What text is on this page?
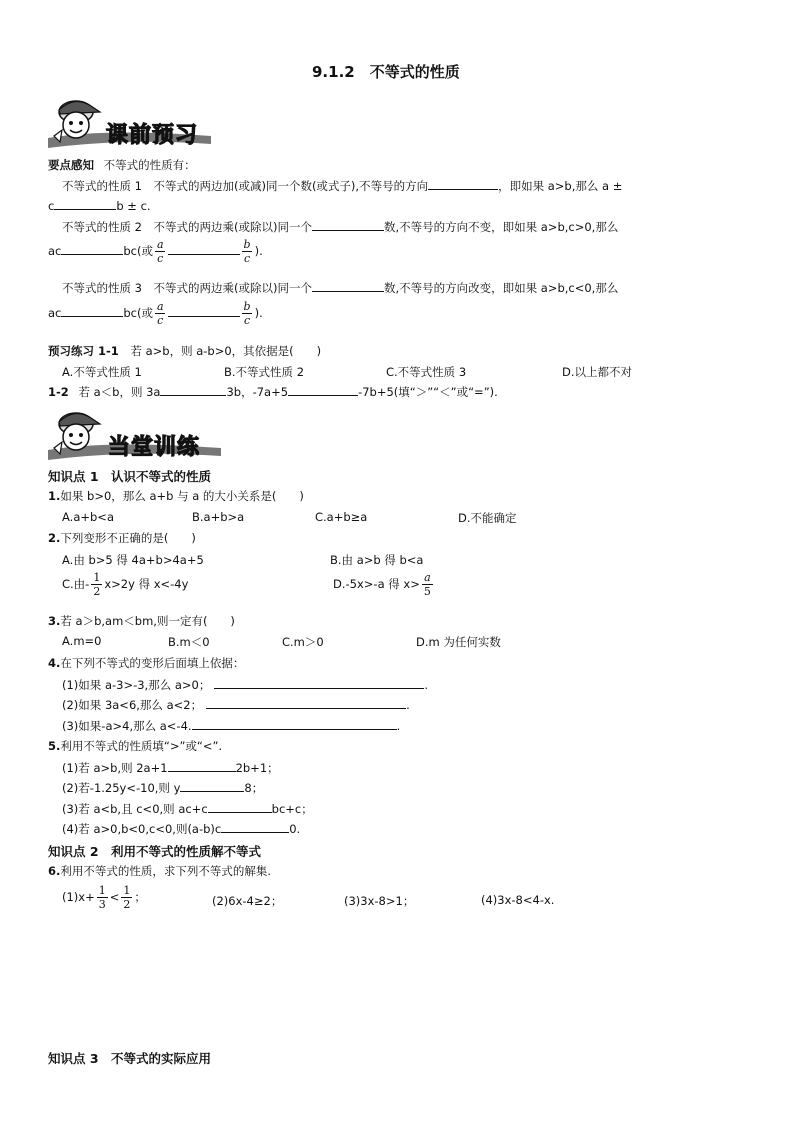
9.1.2　不等式的性质
课前预习
要点感知 不等式的性质有：
不等式的性质 1　不等式的两边加(或减)同一个数(或式子),不等号的方向	，即如果 a>b,那么 a ±
c	b ± c.
不等式的性质 2　不等式的两边乘(或除以)同一个	数,不等号的方向不变，即如果 a>b,c>0,那么
ac	bc(或 $\frac{a}{c}$	$\frac{b}{c}$ ).
不等式的性质 3　不等式的两边乘(或除以)同一个	数,不等号的方向改变，即如果 a>b,c<0,那么
ac	bc(或 $\frac{a}{c}$	$\frac{b}{c}$ ).
预习练习 1-1 若 a>b，则 a-b>0，其依据是(　　)
A.不等式性质 1	B.不等式性质 2	C.不等式性质 3	D.以上都不对
1-2 若 a＜b，则 3a	3b，-7a+5	-7b+5(填“＞”“＜”或“=”).
当堂训练
知识点 1　认识不等式的性质
1.如果 b>0，那么 a+b 与 a 的大小关系是(　　)
A.a+b<a	B.a+b>a	C.a+b≥a	D.不能确定
2.下列变形不正确的是(　　)
A.由 b>5 得 4a+b>4a+5	B.由 a>b 得 b<a
C.由- $\frac{1}{2} x>2y$ 得 x<-4y	D.-5x>-a 得 $x> \frac{a}{5}$
3.若 a＞b,am＜bm,则一定有(　　)
A.m=0	B.m＜0	C.m＞0	D.m 为任何实数
4.在下列不等式的变形后面填上依据：
(1)如果 a-3>-3,那么 a>0；	.
(2)如果 3a<6,那么 a<2；	.
(3)如果-a>4,那么 a<-4.	.
5.利用不等式的性质填“>”或“<”.
(1)若 a>b,则 2a+1	2b+1；
(2)若-1.25y<-10,则 y	8；
(3)若 a<b,且 c<0,则 ac+c	bc+c；
(4)若 a>0,b<0,c<0,则(a-b)c	0.
知识点 2　利用不等式的性质解不等式
6.利用不等式的性质，求下列不等式的解集.
$(1)x+ \frac{1}{3} < \frac{1}{2}$ ；	(2)6x-4≥2；	(3)3x-8>1；	(4)3x-8<4-x.
知识点 3　不等式的实际应用
